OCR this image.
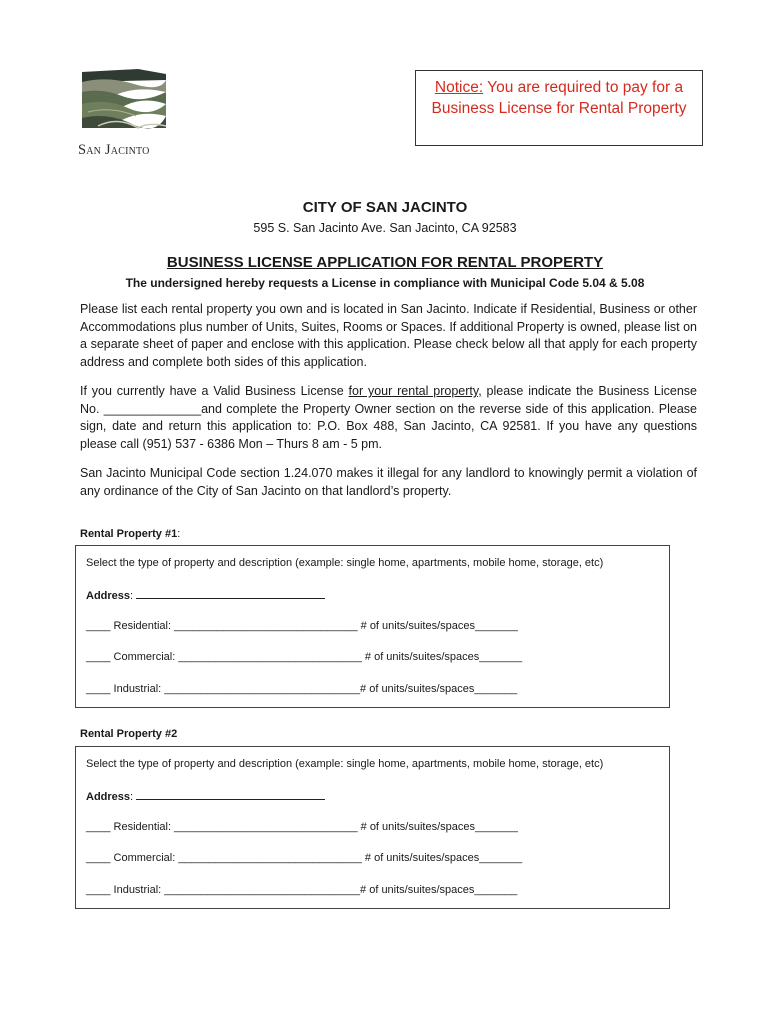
San Jacinto
Notice: You are required to pay for a
Business License for Rental Property
CITY OF SAN JACINTO
595 S. San Jacinto Ave. San Jacinto, CA 92583
BUSINESS LICENSE APPLICATION FOR RENTAL PROPERTY
The undersigned hereby requests a License in compliance with Municipal Code 5.04 & 5.08
Please list each rental property you own and is located in San Jacinto. Indicate if Residential, Business or other Accommodations plus number of Units, Suites, Rooms or Spaces. If additional Property is owned, please list on a separate sheet of paper and enclose with this application. Please check below all that apply for each property address and complete both sides of this application.
If you currently have a Valid Business License for your rental property, please indicate the Business License No. ______________and complete the Property Owner section on the reverse side of this application. Please sign, date and return this application to: P.O. Box 488, San Jacinto, CA 92581. If you have any questions please call (951) 537 - 6386 Mon – Thurs 8 am - 5 pm.
San Jacinto Municipal Code section 1.24.070 makes it illegal for any landlord to knowingly permit a violation of any ordinance of the City of San Jacinto on that landlord’s property.
Rental Property #1:
Select the type of property and description (example: single home, apartments, mobile home, storage, etc)
Address:
____ Residential: ______________________________ # of units/suites/spaces_______
____ Commercial: ______________________________ # of units/suites/spaces_______
____ Industrial: ________________________________# of units/suites/spaces_______
Rental Property #2
Select the type of property and description (example: single home, apartments, mobile home, storage, etc)
Address:
____ Residential: ______________________________ # of units/suites/spaces_______
____ Commercial: ______________________________ # of units/suites/spaces_______
____ Industrial: ________________________________# of units/suites/spaces_______
